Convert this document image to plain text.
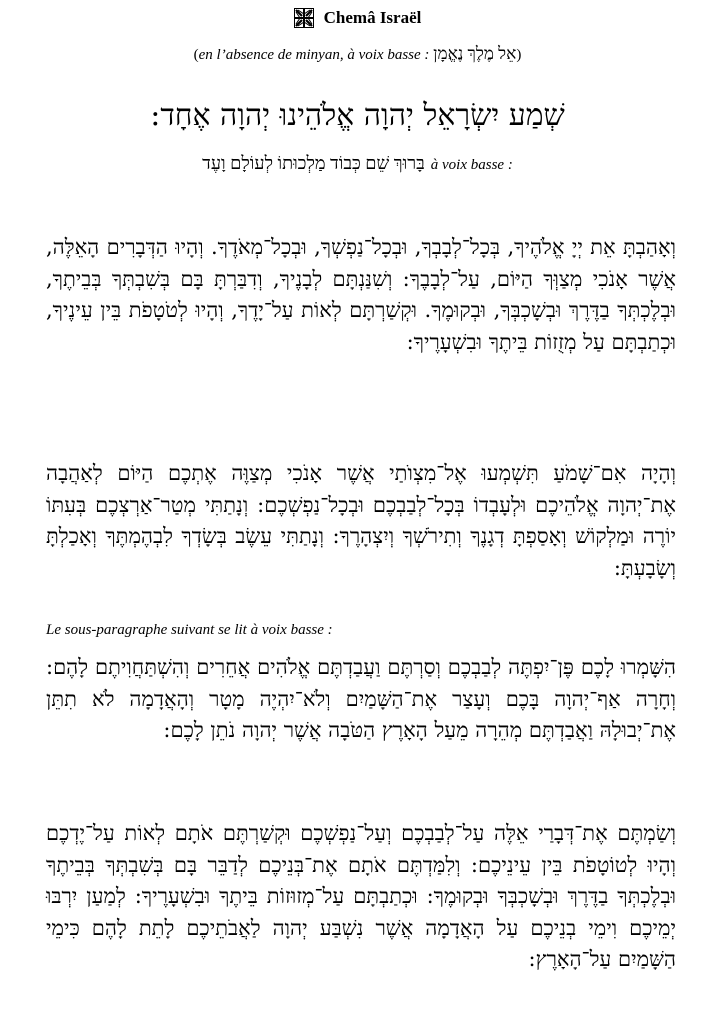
Chemâ Israël
(en l’absence de minyan, à voix basse : אֵל מֶלֶךְ נֶאֱמָן)
שְׁמַע יִשְׂרָאֵל יְהוָה אֱלֹהֵינוּ יְהוָה אֶחָד:
בָּרוּךְ שֵׁם כְּבוֹד מַלְכוּתוֹ לְעוֹלָם וָעֶד à voix basse :

וְאָהַבְתָּ אֵת יְיָ אֱלֹהֶיךָ, בְּכָל־לְבָבְךָ, וּבְכָל־נַפְשְׁךָ, וּבְכָל־מְאֹדֶךָ. וְהָיוּ הַדְּבָרִים הָאֵלֶּה, אֲשֶׁר אָנֹכִי מְצַוְּךָ הַיּוֹם, עַל־לְבָבֶךָ: וְשִׁנַּנְתָּם לְבָנֶיךָ, וְדִבַּרְתָּ בָּם בְּשִׁבְתְּךָ בְּבֵיתֶךָ, וּבְלֶכְתְּךָ בַדֶּרֶךְ וּבְשָׁכְבְּךָ, וּבְקוּמֶךָ. וּקְשַׁרְתָּם לְאוֹת עַל־יָדֶךָ, וְהָיוּ לְטֹטָפֹת בֵּין עֵינֶיךָ, וּכְתַבְתָּם עַל מְזֻזוֹת בֵּיתֶךָ וּבִשְׁעָרֶיךָ:

וְהָיָה אִם־שָׁמֹעַ תִּשְׁמְעוּ אֶל־מִצְוֺתַי אֲשֶׁר אָנֹכִי מְצַוֶּה אֶתְכֶם הַיּוֹם לְאַהֲבָה אֶת־יְהוָה אֱלֹהֵיכֶם וּלְעָבְדוֹ בְּכָל־לְבַבְכֶם וּבְכָל־נַפְשְׁכֶם: וְנָתַתִּי מְטַר־אַרְצְכֶם בְּעִתּוֹ יוֹרֶה וּמַלְקוֹשׁ וְאָסַפְתָּ דְגָנֶךָ וְתִירֹשְׁךָ וְיִצְהָרֶךָ: וְנָתַתִּי עֵשֶׂב בְּשָׂדְךָ לִבְהֶמְתֶּךָ וְאָכַלְתָּ וְשָׂבָעְתָּ:

Le sous-paragraphe suivant se lit à voix basse :

הִשָּׁמְרוּ לָכֶם פֶּן־יִפְתֶּה לְבַבְכֶם וְסַרְתֶּם וַעֲבַדְתֶּם אֱלֹהִים אֲחֵרִים וְהִשְׁתַּחֲוִיתֶם לָהֶם: וְחָרָה אַף־יְהוָה בָּכֶם וְעָצַר אֶת־הַשָּׁמַיִם וְלֹא־יִהְיֶה מָטָר וְהָאֲדָמָה לֹא תִתֵּן אֶת־יְבוּלָהּ וַאֲבַדְתֶּם מְהֵרָה מֵעַל הָאָרֶץ הַטֹּבָה אֲשֶׁר יְהוָה נֹתֵן לָכֶם:

וְשַׂמְתֶּם אֶת־דְּבָרַי אֵלֶּה עַל־לְבַבְכֶם וְעַל־נַפְשְׁכֶם וּקְשַׁרְתֶּם אֹתָם לְאוֹת עַל־יֶדְכֶם וְהָיוּ לְטוֹטָפֹת בֵּין עֵינֵיכֶם: וְלִמַּדְתֶּם אֹתָם אֶת־בְּנֵיכֶם לְדַבֵּר בָּם בְּשִׁבְתְּךָ בְּבֵיתֶךָ וּבְלֶכְתְּךָ בַדֶּרֶךְ וּבְשָׁכְבְּךָ וּבְקוּמֶךָ: וּכְתַבְתָּם עַל־מְזוּזוֹת בֵּיתֶךָ וּבִשְׁעָרֶיךָ: לְמַעַן יִרְבּוּ יְמֵיכֶם וִימֵי בְנֵיכֶם עַל הָאֲדָמָה אֲשֶׁר נִשְׁבַּע יְהוָה לַאֲבֹתֵיכֶם לָתֵת לָהֶם כִּימֵי הַשָּׁמַיִם עַל־הָאָרֶץ:
